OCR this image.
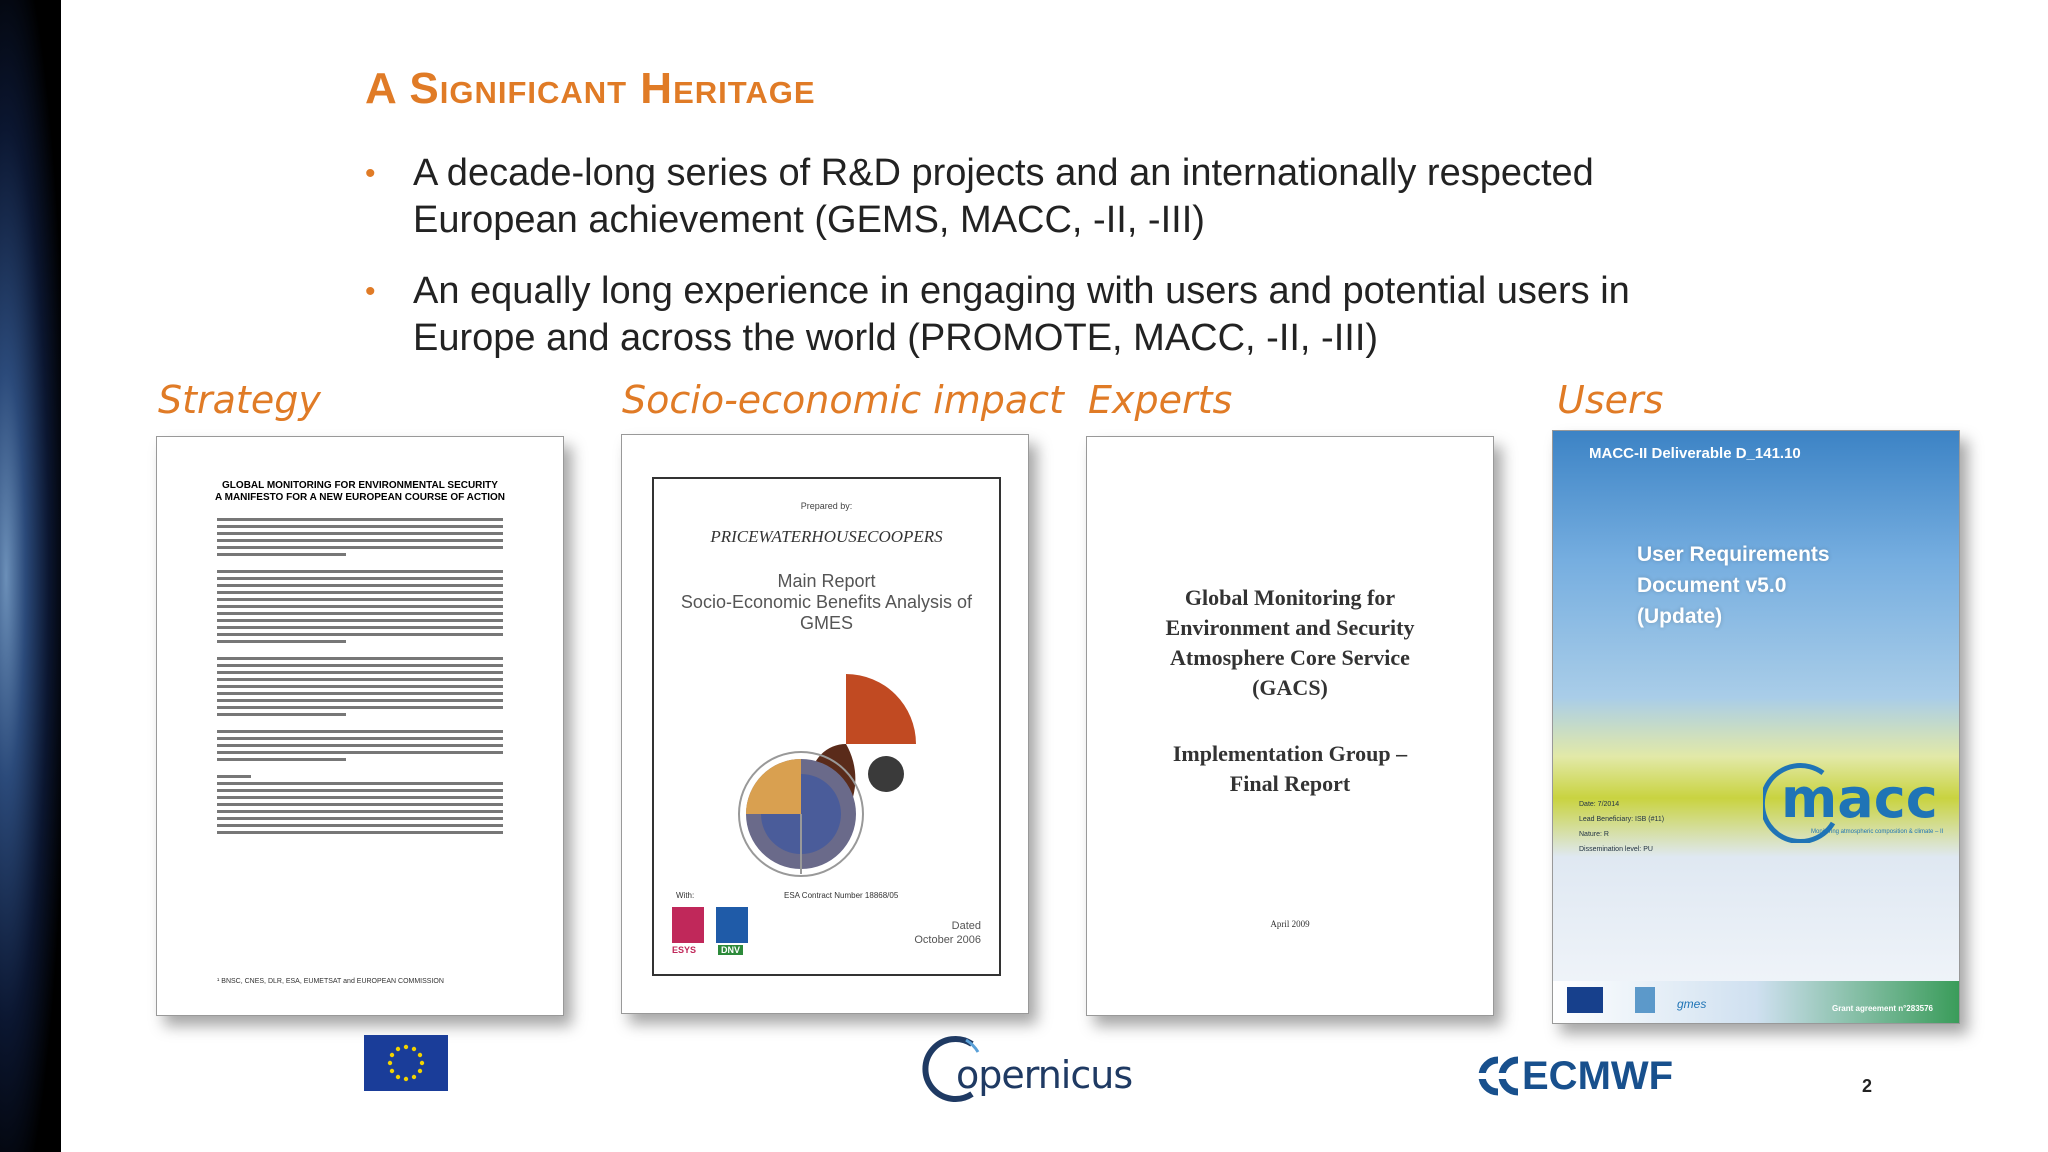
A Significant Heritage
• A decade-long series of R&D projects and an internationally respected European achievement (GEMS, MACC, -II, -III)
• An equally long experience in engaging with users and potential users in Europe and across the world (PROMOTE, MACC, -II, -III)
Strategy	Socio-economic impact Experts	Users
GLOBAL MONITORING FOR ENVIRONMENTAL SECURITY
A MANIFESTO FOR A NEW EUROPEAN COURSE OF ACTION
¹ BNSC, CNES, DLR, ESA, EUMETSAT and EUROPEAN COMMISSION
Prepared by:
PRICEWATERHOUSECOOPERS
Main Report
Socio-Economic Benefits Analysis of GMES
With:	ESA Contract Number 18868/05
ESYS	DNV
Dated
October 2006
Global Monitoring for Environment and Security Atmosphere Core Service (GACS)
Implementation Group – Final Report
April 2009
MACC-II Deliverable D_141.10
User Requirements Document v5.0 (Update)
Date: 7/2014
Lead Beneficiary: ISB (#11)
Nature: R
Dissemination level: PU
macc
Monitoring atmospheric composition & climate – II
gmes	Grant agreement n°283576
opernicus	ECMWF	2
